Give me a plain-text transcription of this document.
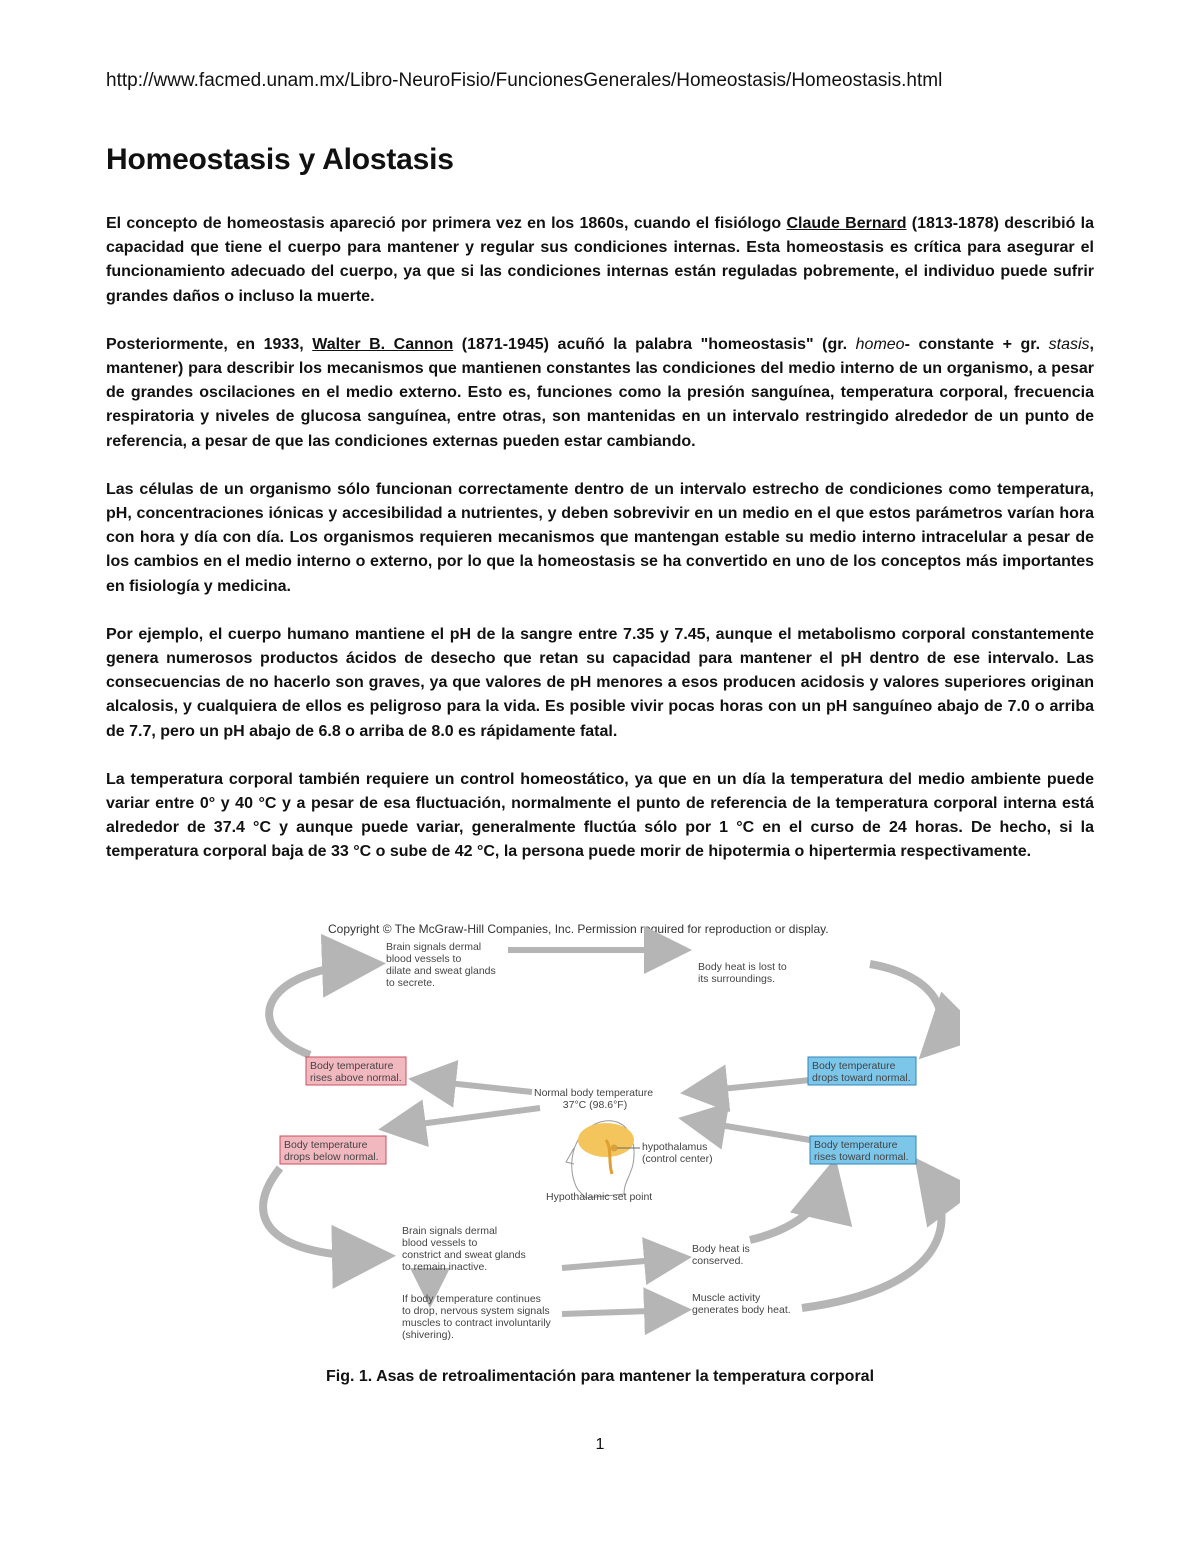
http://www.facmed.unam.mx/Libro-NeuroFisio/FuncionesGenerales/Homeostasis/Homeostasis.html
Homeostasis y Alostasis

El concepto de homeostasis apareció por primera vez en los 1860s, cuando el fisiólogo Claude Bernard (1813-1878) describió la capacidad que tiene el cuerpo para mantener y regular sus condiciones internas. Esta homeostasis es crítica para asegurar el funcionamiento adecuado del cuerpo, ya que si las condiciones internas están reguladas pobremente, el individuo puede sufrir grandes daños o incluso la muerte.

Posteriormente, en 1933, Walter B. Cannon (1871-1945) acuñó la palabra "homeostasis" (gr. homeo- constante + gr. stasis, mantener) para describir los mecanismos que mantienen constantes las condiciones del medio interno de un organismo, a pesar de grandes oscilaciones en el medio externo. Esto es, funciones como la presión sanguínea, temperatura corporal, frecuencia respiratoria y niveles de glucosa sanguínea, entre otras, son mantenidas en un intervalo restringido alrededor de un punto de referencia, a pesar de que las condiciones externas pueden estar cambiando.

Las células de un organismo sólo funcionan correctamente dentro de un intervalo estrecho de condiciones como temperatura, pH, concentraciones iónicas y accesibilidad a nutrientes, y deben sobrevivir en un medio en el que estos parámetros varían hora con hora y día con día. Los organismos requieren mecanismos que mantengan estable su medio interno intracelular a pesar de los cambios en el medio interno o externo, por lo que la homeostasis se ha convertido en uno de los conceptos más importantes en fisiología y medicina.

Por ejemplo, el cuerpo humano mantiene el pH de la sangre entre 7.35 y 7.45, aunque el metabolismo corporal constantemente genera numerosos productos ácidos de desecho que retan su capacidad para mantener el pH dentro de ese intervalo. Las consecuencias de no hacerlo son graves, ya que valores de pH menores a esos producen acidosis y valores superiores originan alcalosis, y cualquiera de ellos es peligroso para la vida. Es posible vivir pocas horas con un pH sanguíneo abajo de 7.0 o arriba de 7.7, pero un pH abajo de 6.8 o arriba de 8.0 es rápidamente fatal.

La temperatura corporal también requiere un control homeostático, ya que en un día la temperatura del medio ambiente puede variar entre 0° y 40 °C y a pesar de esa fluctuación, normalmente el punto de referencia de la temperatura corporal interna está alrededor de 37.4 °C y aunque puede variar, generalmente fluctúa sólo por 1 °C en el curso de 24 horas. De hecho, si la temperatura corporal baja de 33 °C o sube de 42 °C, la persona puede morir de hipotermia o hipertermia respectivamente.

Copyright © The McGraw-Hill Companies, Inc. Permission required for reproduction or display.
Brain signals dermal blood vessels to dilate and sweat glands to secrete.
Body heat is lost to its surroundings.
Body temperature rises above normal.
Body temperature drops toward normal.
Normal body temperature 37°C (98.6°F)
Body temperature drops below normal.
Body temperature rises toward normal.
hypothalamus (control center)
Hypothalamic set point
Brain signals dermal blood vessels to constrict and sweat glands to remain inactive.
Body heat is conserved.
If body temperature continues to drop, nervous system signals muscles to contract involuntarily (shivering).
Muscle activity generates body heat.
Fig. 1. Asas de retroalimentación para mantener la temperatura corporal
1
